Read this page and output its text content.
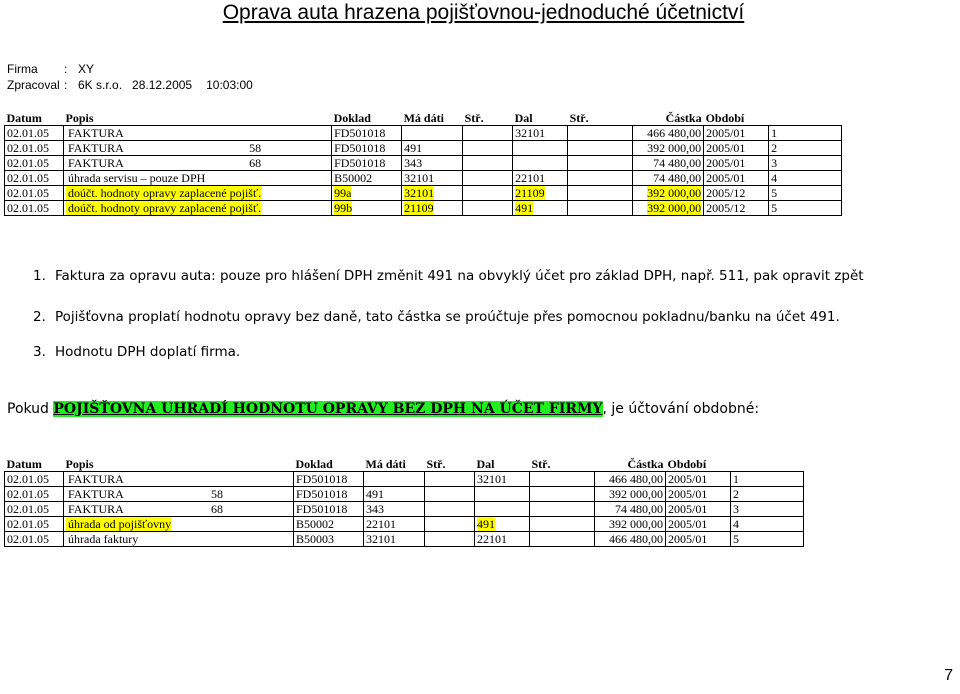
Oprava auta hrazena pojišťovnou-jednoduché účetnictví
Firma	: XY
Zpracoval : 6K s.r.o. 28.12.2005 10:03:00
Datum	Popis	Doklad	Má dáti	Stř.	Dal	Stř.	Částka	Období	
02.01.05	FAKTURA	FD501018			32101		466 480,00	2005/01	1
02.01.05	FAKTURA 58	FD501018	491				392 000,00	2005/01	2
02.01.05	FAKTURA 68	FD501018	343				74 480,00	2005/01	3
02.01.05	úhrada servisu – pouze DPH	B50002	32101		22101		74 480,00	2005/01	4
02.01.05	doúčt. hodnoty opravy zaplacené pojišť.	99a	32101		21109		392 000,00	2005/12	5
02.01.05	doúčt. hodnoty opravy zaplacené pojišť.	99b	21109		491		392 000,00	2005/12	5
1. Faktura za opravu auta: pouze pro hlášení DPH změnit 491 na obvyklý účet pro základ DPH, např. 511, pak opravit zpět
2. Pojišťovna proplatí hodnotu opravy bez daně, tato částka se proúčtuje přes pomocnou pokladnu/banku na účet 491.
3. Hodnotu DPH doplatí firma.
Pokud POJIŠŤOVNA UHRADÍ HODNOTU OPRAVY BEZ DPH NA ÚČET FIRMY, je účtování obdobné:
Datum	Popis	Doklad	Má dáti	Stř.	Dal	Stř.	Částka	Období	
02.01.05	FAKTURA	FD501018			32101		466 480,00	2005/01	1
02.01.05	FAKTURA 58	FD501018	491				392 000,00	2005/01	2
02.01.05	FAKTURA 68	FD501018	343				74 480,00	2005/01	3
02.01.05	úhrada od pojišťovny	B50002	22101		491		392 000,00	2005/01	4
02.01.05	úhrada faktury	B50003	32101		22101		466 480,00	2005/01	5
7
